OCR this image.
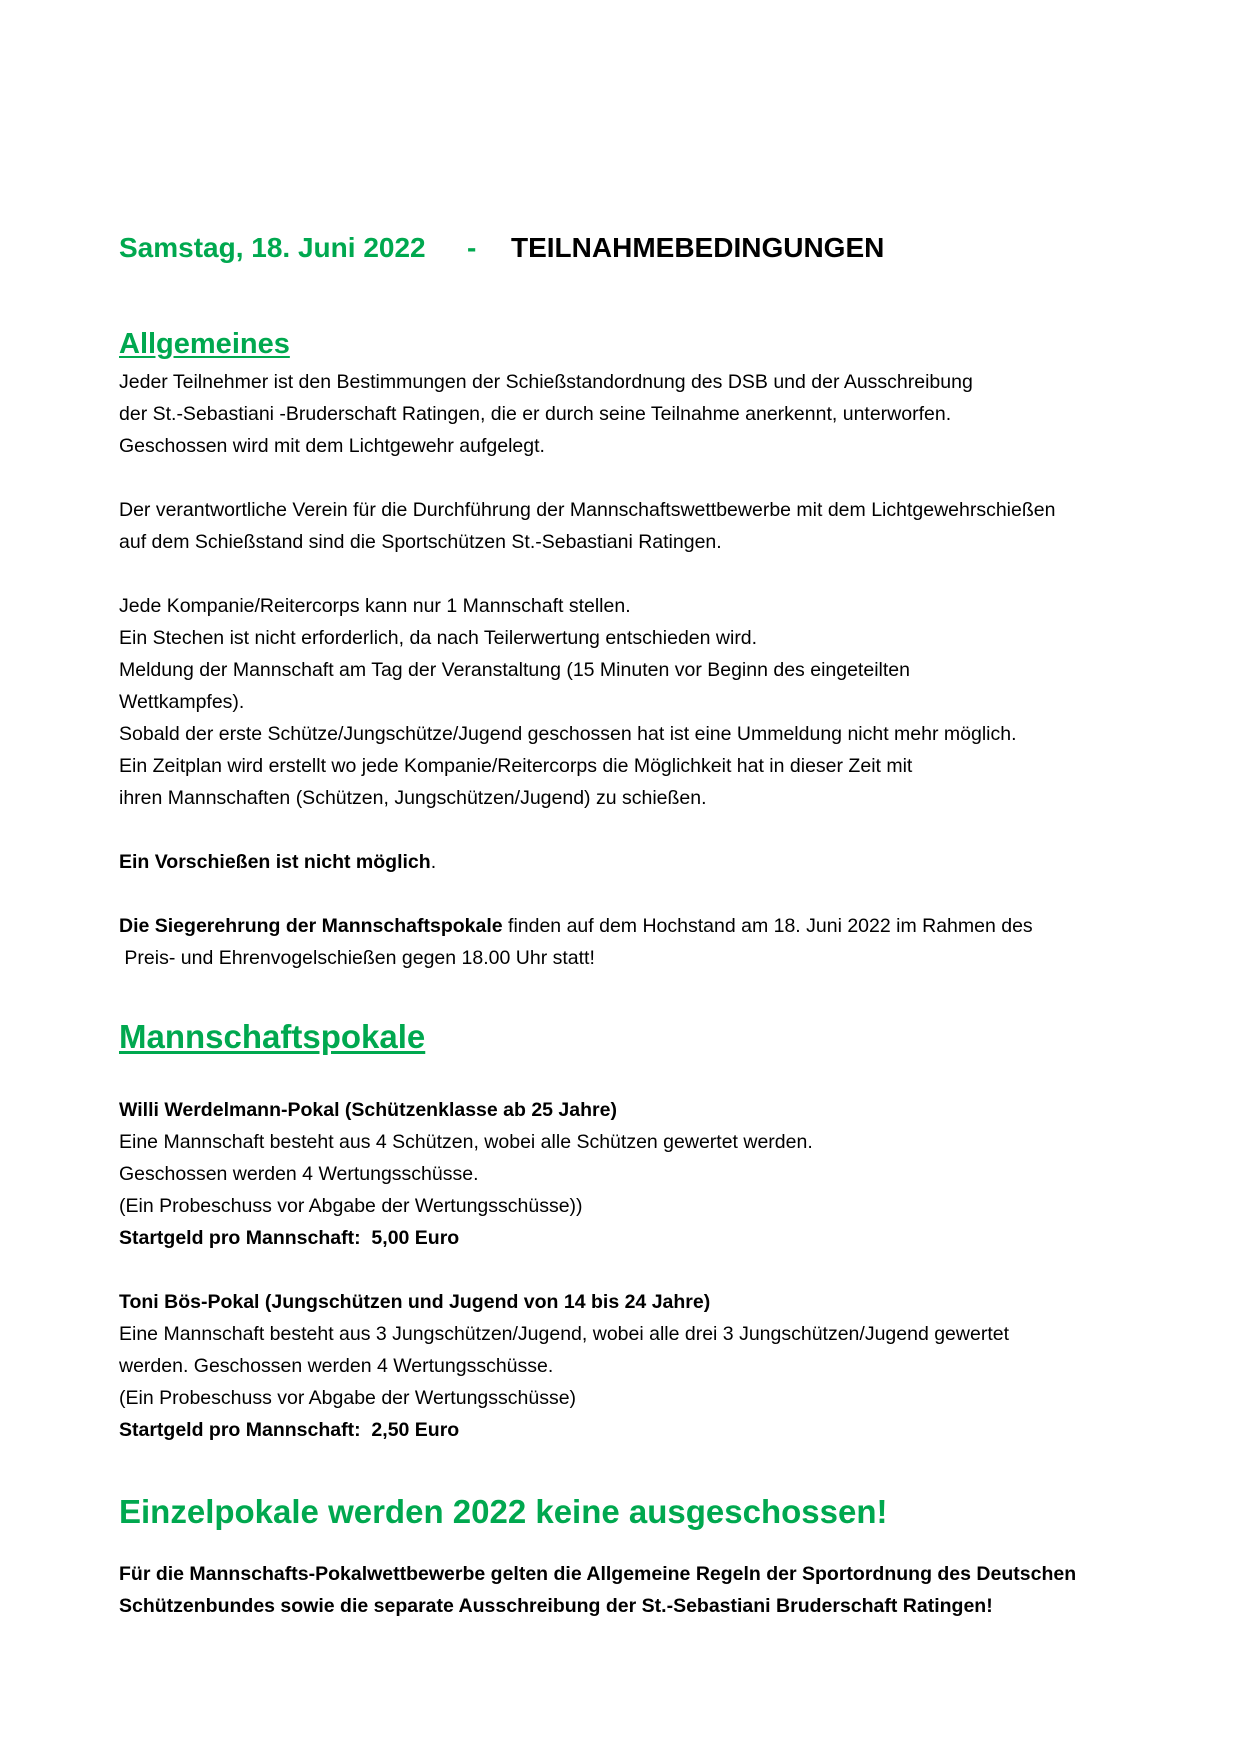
Samstag, 18. Juni 2022 - TEILNAHMEBEDINGUNGEN
Allgemeines
Jeder Teilnehmer ist den Bestimmungen der Schießstandordnung des DSB und der Ausschreibung
der St.-Sebastiani -Bruderschaft Ratingen, die er durch seine Teilnahme anerkennt, unterworfen.
Geschossen wird mit dem Lichtgewehr aufgelegt.
Der verantwortliche Verein für die Durchführung der Mannschaftswettbewerbe mit dem Lichtgewehrschießen
auf dem Schießstand sind die Sportschützen St.-Sebastiani Ratingen.
Jede Kompanie/Reitercorps kann nur 1 Mannschaft stellen.
Ein Stechen ist nicht erforderlich, da nach Teilerwertung entschieden wird.
Meldung der Mannschaft am Tag der Veranstaltung (15 Minuten vor Beginn des eingeteilten
Wettkampfes).
Sobald der erste Schütze/Jungschütze/Jugend geschossen hat ist eine Ummeldung nicht mehr möglich.
Ein Zeitplan wird erstellt wo jede Kompanie/Reitercorps die Möglichkeit hat in dieser Zeit mit
ihren Mannschaften (Schützen, Jungschützen/Jugend) zu schießen.
Ein Vorschießen ist nicht möglich.
Die Siegerehrung der Mannschaftspokale finden auf dem Hochstand am 18. Juni 2022 im Rahmen des
Preis- und Ehrenvogelschießen gegen 18.00 Uhr statt!
Mannschaftspokale
Willi Werdelmann-Pokal (Schützenklasse ab 25 Jahre)
Eine Mannschaft besteht aus 4 Schützen, wobei alle Schützen gewertet werden.
Geschossen werden 4 Wertungsschüsse.
(Ein Probeschuss vor Abgabe der Wertungsschüsse))
Startgeld pro Mannschaft:  5,00 Euro
Toni Bös-Pokal (Jungschützen und Jugend von 14 bis 24 Jahre)
Eine Mannschaft besteht aus 3 Jungschützen/Jugend, wobei alle drei 3 Jungschützen/Jugend gewertet
werden. Geschossen werden 4 Wertungsschüsse.
(Ein Probeschuss vor Abgabe der Wertungsschüsse)
Startgeld pro Mannschaft:  2,50 Euro
Einzelpokale werden 2022 keine ausgeschossen!
Für die Mannschafts-Pokalwettbewerbe gelten die Allgemeine Regeln der Sportordnung des Deutschen
Schützenbundes sowie die separate Ausschreibung der St.-Sebastiani Bruderschaft Ratingen!
